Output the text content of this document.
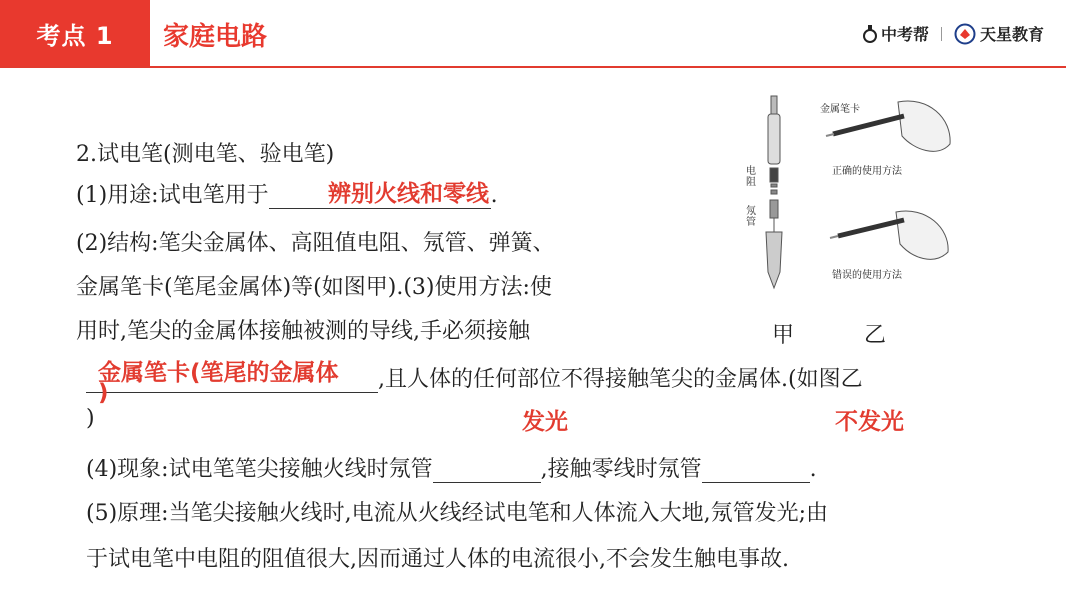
考点 1	家庭电路	中考帮	天星教育
2.试电笔(测电笔、验电笔)
(1)用途:试电笔用于	.
辨别火线和零线
(2)结构:笔尖金属体、高阻值电阻、氖管、弹簧、
金属笔卡(笔尾金属体)等(如图甲).(3)使用方法:使
用时,笔尖的金属体接触被测的导线,手必须接触
,且人体的任何部位不得接触笔尖的金属体.(如图乙
金属笔卡(笔尾的金属体
)
)	发光	不发光
(4)现象:试电笔笔尖接触火线时氖管	,接触零线时氖管	.
(5)原理:当笔尖接触火线时,电流从火线经试电笔和人体流入大地,氖管发光;由
于试电笔中电阻的阻值很大,因而通过人体的电流很小,不会发生触电事故.
电阻
氖管
金属笔卡
正确的使用方法
错误的使用方法
甲	乙
